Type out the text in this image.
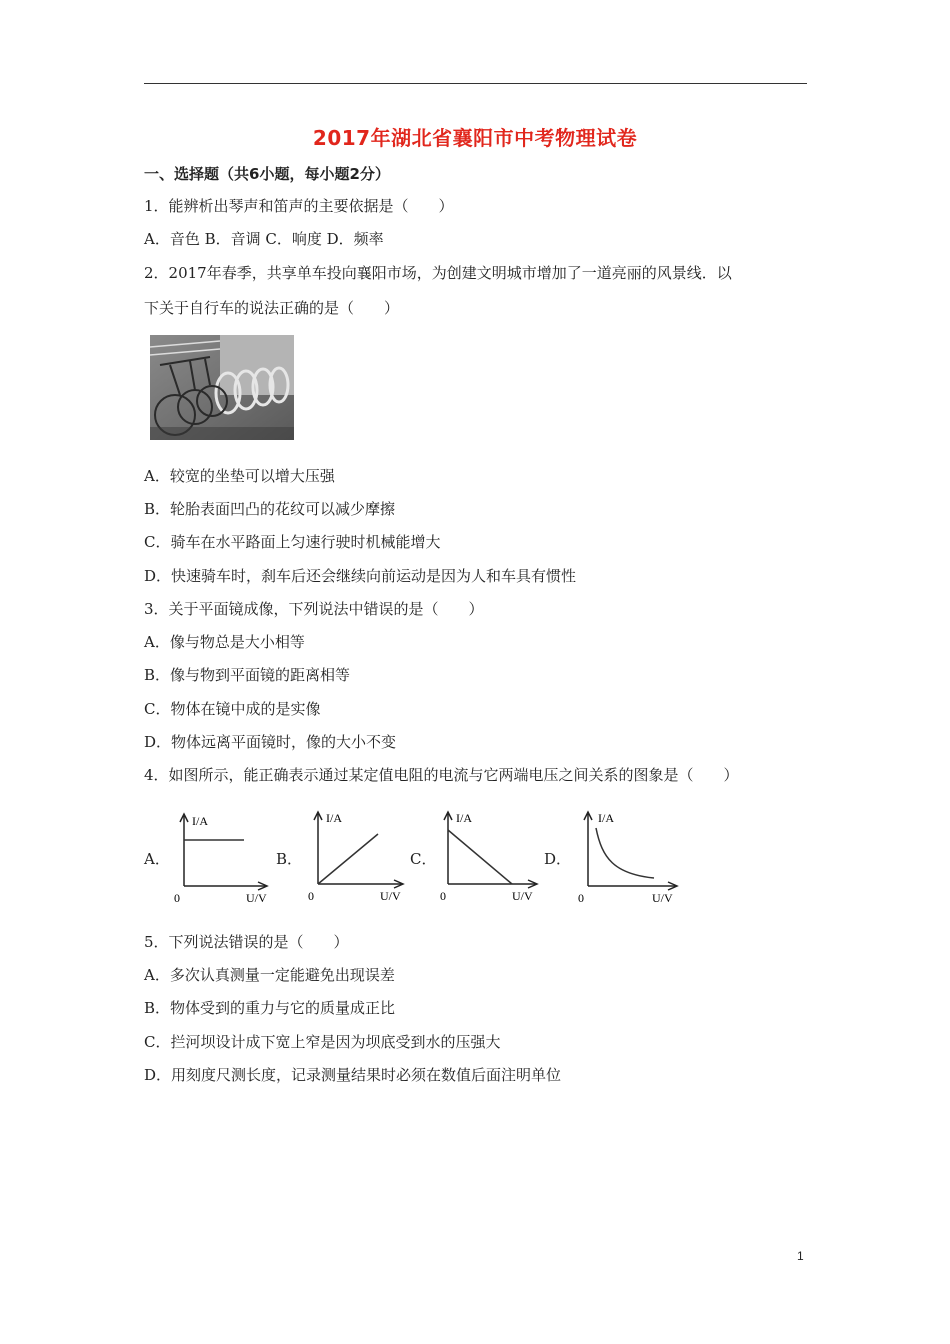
2017年湖北省襄阳市中考物理试卷
一、选择题（共6小题，每小题2分）
1．能辨析出琴声和笛声的主要依据是（　　）
A．音色 B．音调 C．响度 D．频率
2．2017年春季，共享单车投向襄阳市场，为创建文明城市增加了一道亮丽的风景线．以
下关于自行车的说法正确的是（　　）
A．较宽的坐垫可以增大压强
B．轮胎表面凹凸的花纹可以减少摩擦
C．骑车在水平路面上匀速行驶时机械能增大
D．快速骑车时，刹车后还会继续向前运动是因为人和车具有惯性
3．关于平面镜成像，下列说法中错误的是（　　）
A．像与物总是大小相等
B．像与物到平面镜的距离相等
C．物体在镜中成的是实像
D．物体远离平面镜时，像的大小不变
4．如图所示，能正确表示通过某定值电阻的电流与它两端电压之间关系的图象是（　　）
A．
I/A
0	U/V
B．
I/A
0	U/V
C．
I/A
0	U/V
D．
I/A
0	U/V
5．下列说法错误的是（　　）
A．多次认真测量一定能避免出现误差
B．物体受到的重力与它的质量成正比
C．拦河坝设计成下宽上窄是因为坝底受到水的压强大
D．用刻度尺测长度，记录测量结果时必须在数值后面注明单位
1
